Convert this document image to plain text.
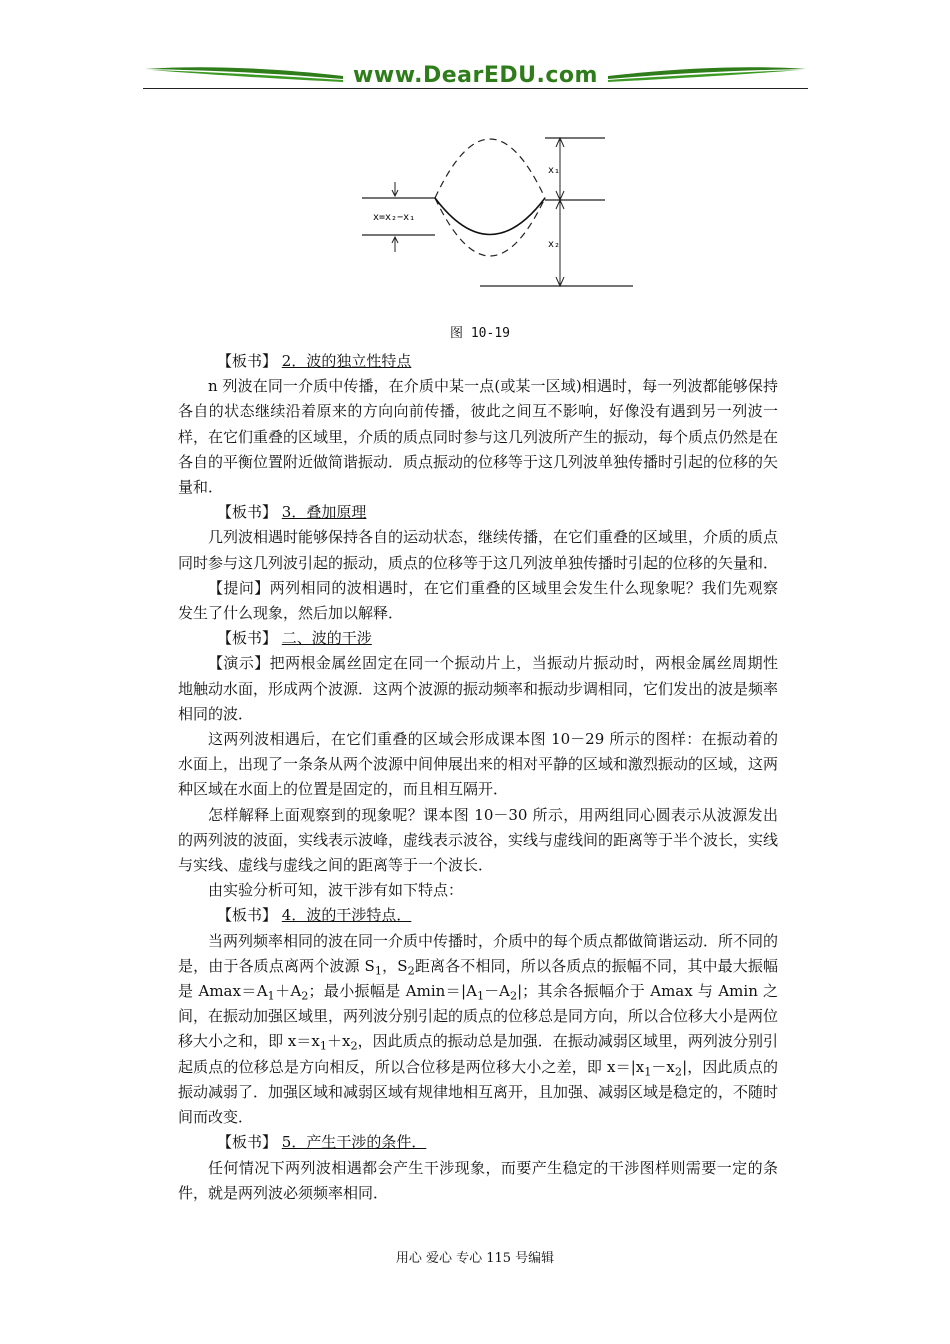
www.DearEDU.com
x=x₂−x₁
x₁
x₂
图 10-19

【板书】 2．波的独立性特点

n 列波在同一介质中传播，在介质中某一点(或某一区域)相遇时，每一列波都能够保持各自的状态继续沿着原来的方向向前传播，彼此之间互不影响，好像没有遇到另一列波一样，在它们重叠的区域里，介质的质点同时参与这几列波所产生的振动，每个质点仍然是在各自的平衡位置附近做简谐振动．质点振动的位移等于这几列波单独传播时引起的位移的矢量和．

【板书】 3．叠加原理

几列波相遇时能够保持各自的运动状态，继续传播，在它们重叠的区域里，介质的质点同时参与这几列波引起的振动，质点的位移等于这几列波单独传播时引起的位移的矢量和．

【提问】两列相同的波相遇时，在它们重叠的区域里会发生什么现象呢？我们先观察发生了什么现象，然后加以解释．

【板书】 二、波的干涉

【演示】把两根金属丝固定在同一个振动片上，当振动片振动时，两根金属丝周期性地触动水面，形成两个波源．这两个波源的振动频率和振动步调相同，它们发出的波是频率相同的波．

这两列波相遇后，在它们重叠的区域会形成课本图 10－29 所示的图样：在振动着的水面上，出现了一条条从两个波源中间伸展出来的相对平静的区域和激烈振动的区域，这两种区域在水面上的位置是固定的，而且相互隔开．

怎样解释上面观察到的现象呢？课本图 10－30 所示，用两组同心圆表示从波源发出的两列波的波面，实线表示波峰，虚线表示波谷，实线与虚线间的距离等于半个波长，实线与实线、虚线与虚线之间的距离等于一个波长．

由实验分析可知，波干涉有如下特点：

【板书】 4．波的干涉特点．

当两列频率相同的波在同一介质中传播时，介质中的每个质点都做简谐运动．所不同的是，由于各质点离两个波源 $S_1$，$S_2$距离各不相同，所以各质点的振幅不同，其中最大振幅是 $Amax=A_1+A_2$；最小振幅是 $Amin=|A_1-A_2|$；其余各振幅介于 Amax 与 Amin 之间，在振动加强区域里，两列波分别引起的质点的位移总是同方向，所以合位移大小是两位移大小之和，即 $x=x_1+x_2$，因此质点的振动总是加强．在振动减弱区域里，两列波分别引起质点的位移总是方向相反，所以合位移是两位移大小之差，即 $x=|x_1-x_2|$，因此质点的振动减弱了．加强区域和减弱区域有规律地相互离开，且加强、减弱区域是稳定的，不随时间而改变．

【板书】 5．产生干涉的条件．

任何情况下两列波相遇都会产生干涉现象，而要产生稳定的干涉图样则需要一定的条件，就是两列波必须频率相同．

用心 爱心 专心 115 号编辑
